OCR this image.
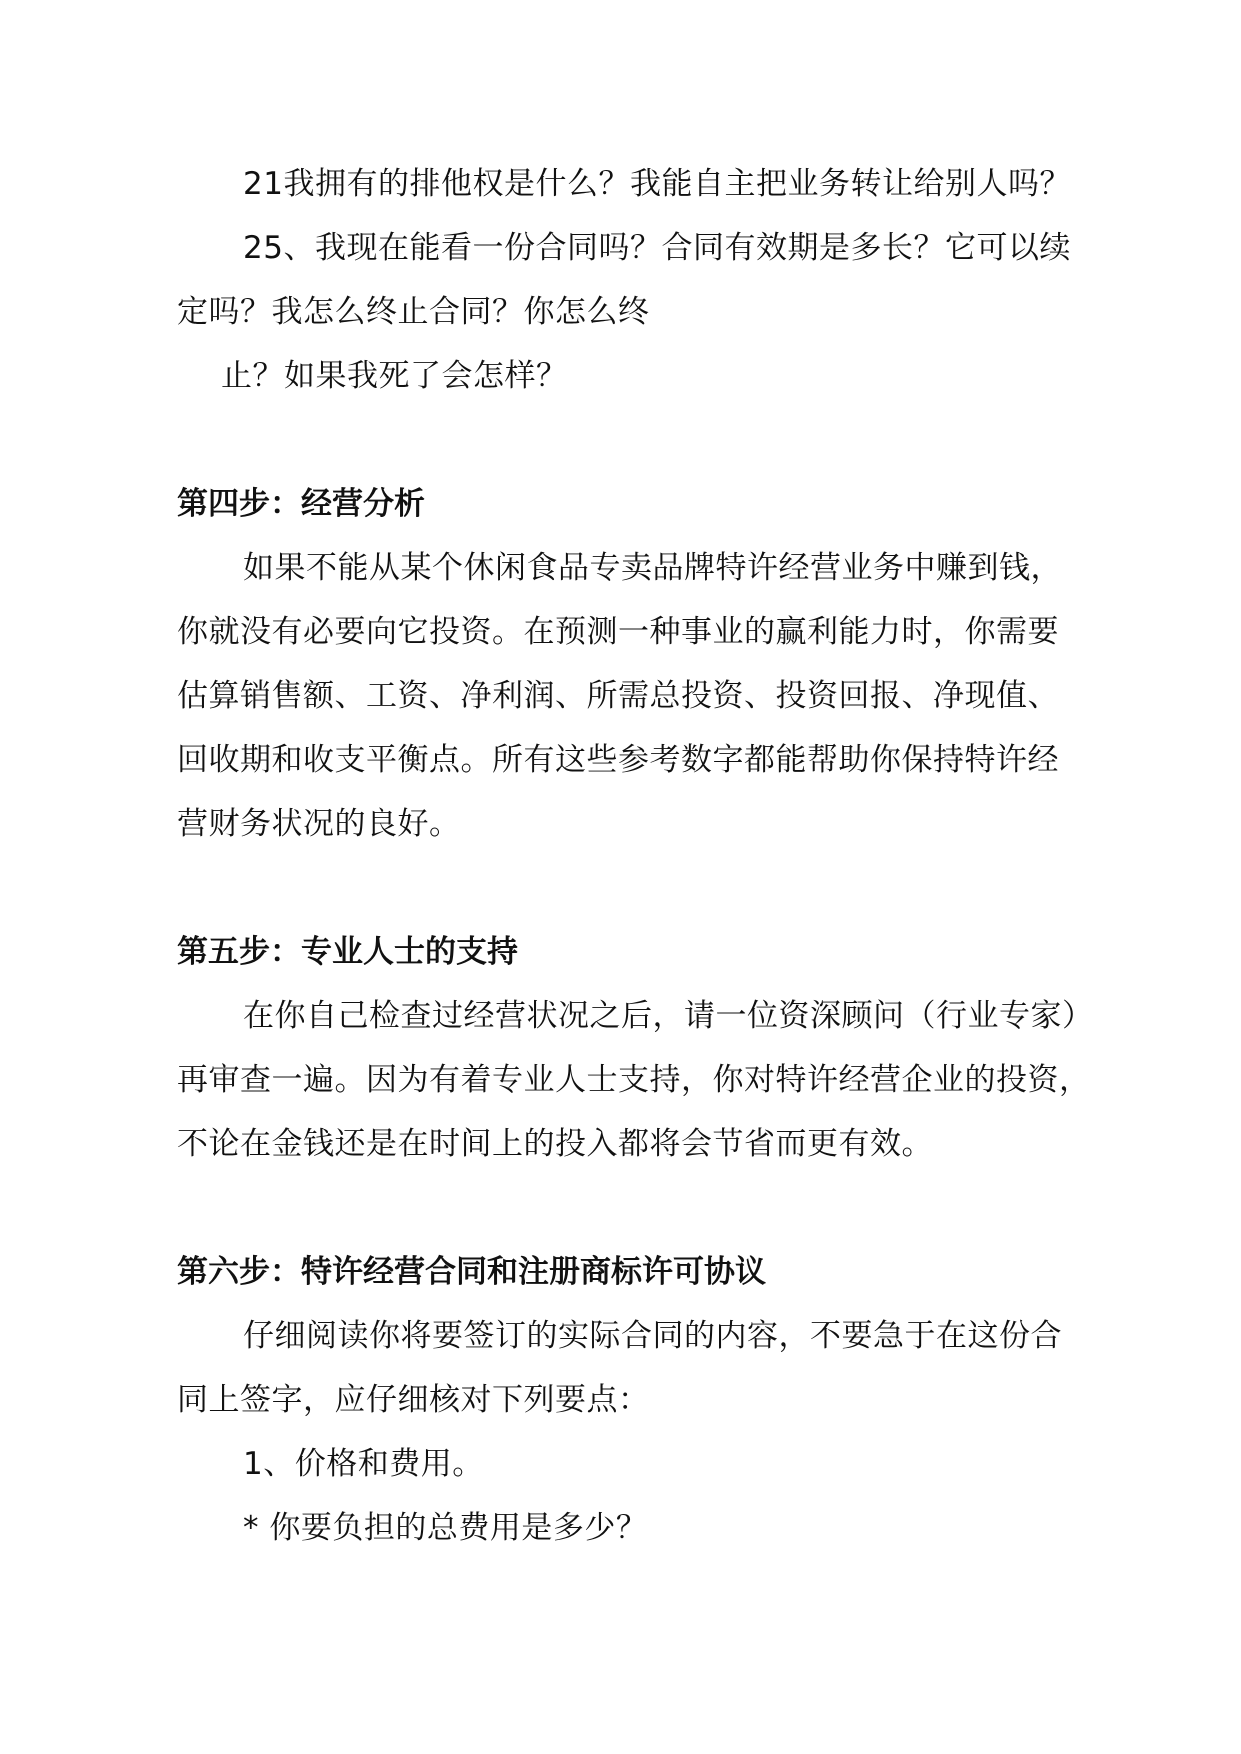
21我拥有的排他权是什么？我能自主把业务转让给别人吗？
25、我现在能看一份合同吗？合同有效期是多长？它可以续
定吗？我怎么终止合同？你怎么终
止？如果我死了会怎样？
第四步：经营分析
如果不能从某个休闲食品专卖品牌特许经营业务中赚到钱，
你就没有必要向它投资。在预测一种事业的赢利能力时，你需要
估算销售额、工资、净利润、所需总投资、投资回报、净现值、
回收期和收支平衡点。所有这些参考数字都能帮助你保持特许经
营财务状况的良好。
第五步：专业人士的支持
在你自己检查过经营状况之后，请一位资深顾问（行业专家）
再审查一遍。因为有着专业人士支持，你对特许经营企业的投资，
不论在金钱还是在时间上的投入都将会节省而更有效。
第六步：特许经营合同和注册商标许可协议
仔细阅读你将要签订的实际合同的内容，不要急于在这份合
同上签字，应仔细核对下列要点：
1、价格和费用。
* 你要负担的总费用是多少？
